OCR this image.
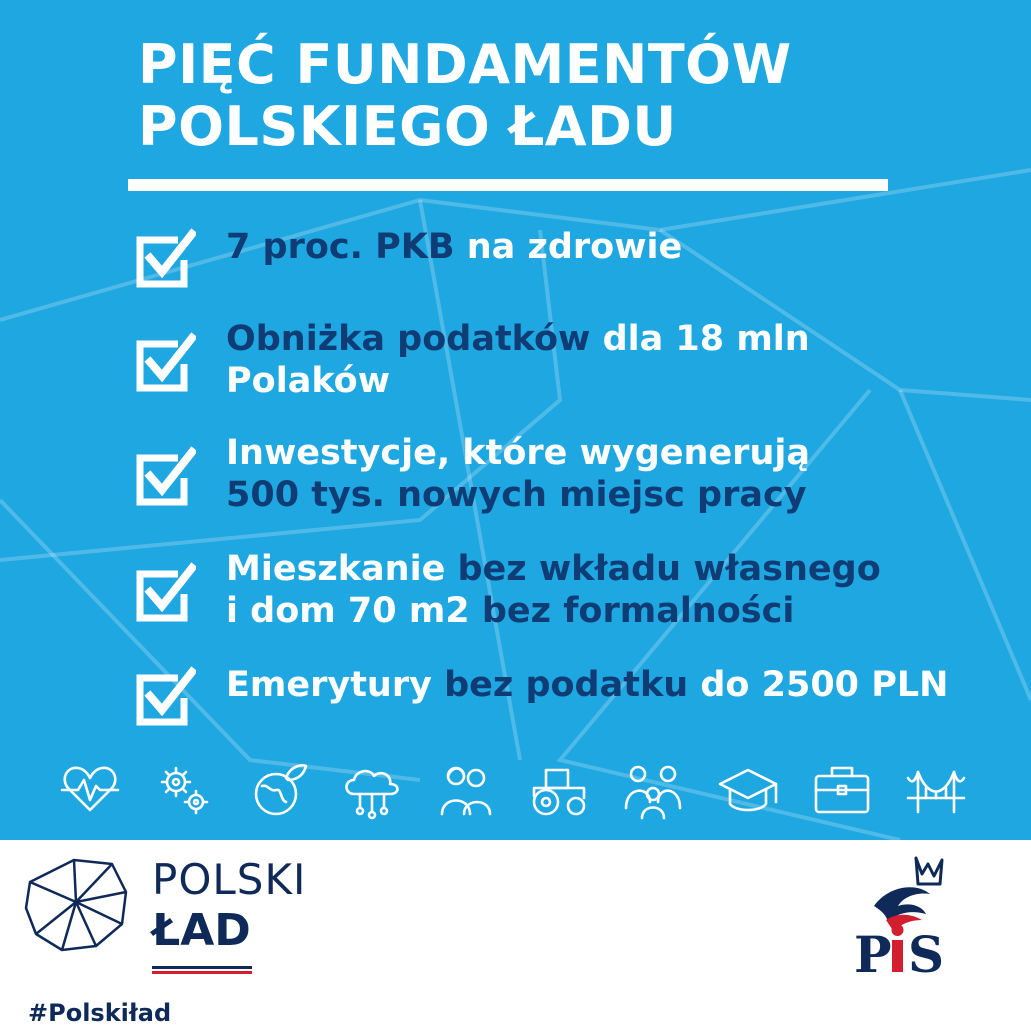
PIĘĆ FUNDAMENTÓW
POLSKIEGO ŁADU
7 proc. PKB na zdrowie
Obniżka podatków dla 18 mln
Polaków
Inwestycje, które wygenerują
500 tys. nowych miejsc pracy
Mieszkanie bez wkładu własnego
i dom 70 m2 bez formalności
Emerytury bez podatku do 2500 PLN
POLSKI
ŁAD
#Polskiład
P S
